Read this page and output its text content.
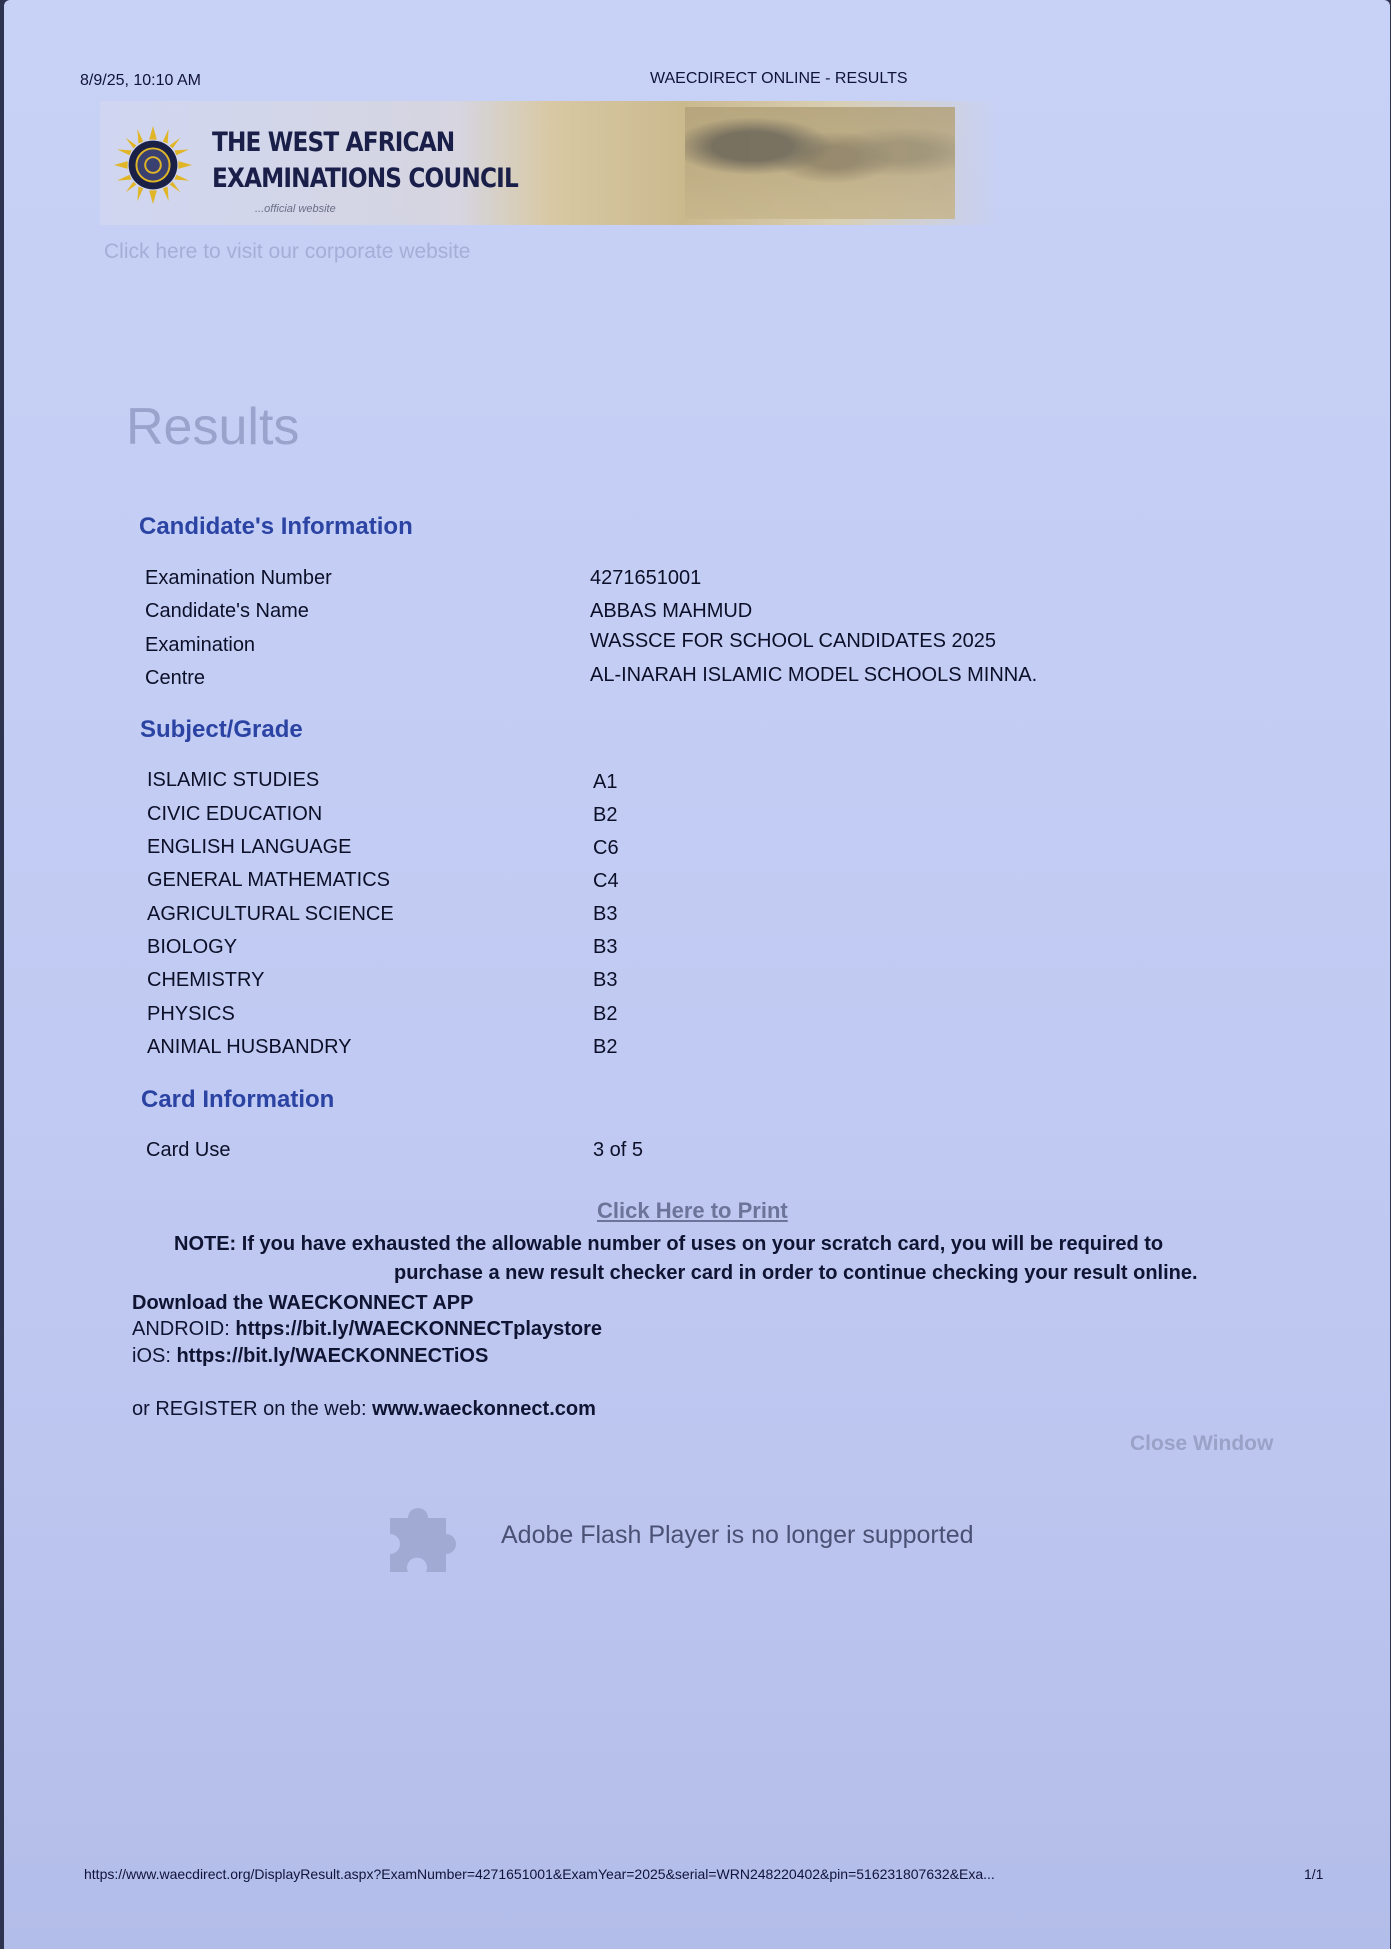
8/9/25, 10:10 AM	WAECDIRECT ONLINE - RESULTS
THE WEST AFRICAN
EXAMINATIONS COUNCIL
...official website
Click here to visit our corporate website
Results
Candidate's Information
Examination Number	4271651001
Candidate's Name	ABBAS MAHMUD
Examination	WASSCE FOR SCHOOL CANDIDATES 2025
Centre	AL-INARAH ISLAMIC MODEL SCHOOLS MINNA.
Subject/Grade
ISLAMIC STUDIES	A1
CIVIC EDUCATION	B2
ENGLISH LANGUAGE	C6
GENERAL MATHEMATICS	C4
AGRICULTURAL SCIENCE	B3
BIOLOGY	B3
CHEMISTRY	B3
PHYSICS	B2
ANIMAL HUSBANDRY	B2
Card Information
Card Use	3 of 5
Click Here to Print
NOTE: If you have exhausted the allowable number of uses on your scratch card, you will be required to
purchase a new result checker card in order to continue checking your result online.
Download the WAECKONNECT APP
ANDROID: https://bit.ly/WAECKONNECTplaystore
iOS: https://bit.ly/WAECKONNECTiOS
or REGISTER on the web: www.waeckonnect.com
Close Window
Adobe Flash Player is no longer supported
https://www.waecdirect.org/DisplayResult.aspx?ExamNumber=4271651001&ExamYear=2025&serial=WRN248220402&pin=516231807632&Exa...	1/1
